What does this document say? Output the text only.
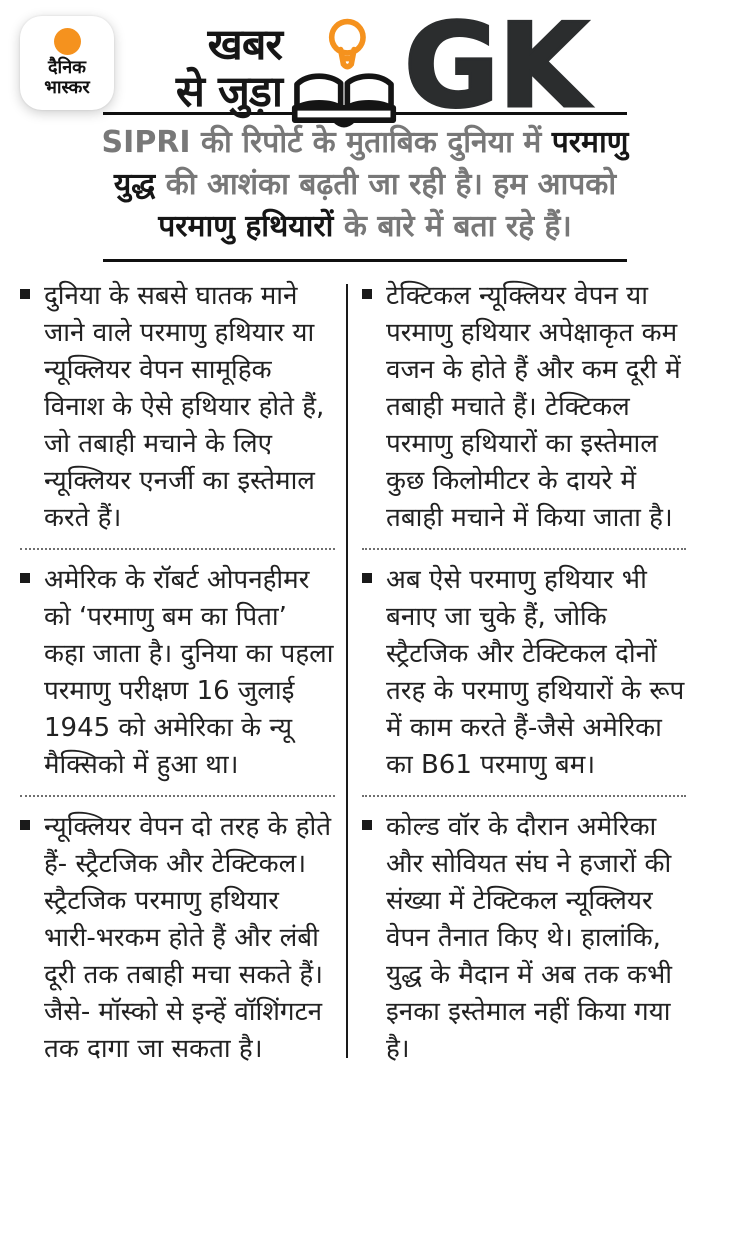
दैनिक
भास्कर
खबर
से जुड़ा GK
SIPRI की रिपोर्ट के मुताबिक दुनिया में परमाणु युद्ध की आशंका बढ़ती जा रही है। हम आपको परमाणु हथियारों के बारे में बता रहे हैं।
दुनिया के सबसे घातक माने जाने वाले परमाणु हथियार या न्यूक्लियर वेपन सामूहिक विनाश के ऐसे हथियार होते हैं, जो तबाही मचाने के लिए न्यूक्लियर एनर्जी का इस्तेमाल करते हैं।
अमेरिक के रॉबर्ट ओपनहीमर को ‘परमाणु बम का पिता’ कहा जाता है। दुनिया का पहला परमाणु परीक्षण 16 जुलाई 1945 को अमेरिका के न्यू मैक्सिको में हुआ था।
न्यूक्लियर वेपन दो तरह के होते हैं- स्ट्रैटजिक और टेक्टिकल। स्ट्रैटजिक परमाणु हथियार भारी-भरकम होते हैं और लंबी दूरी तक तबाही मचा सकते हैं। जैसे- मॉस्को से इन्हें वॉशिंगटन तक दागा जा सकता है।
टेक्टिकल न्यूक्लियर वेपन या परमाणु हथियार अपेक्षाकृत कम वजन के होते हैं और कम दूरी में तबाही मचाते हैं। टेक्टिकल परमाणु हथियारों का इस्तेमाल कुछ किलोमीटर के दायरे में तबाही मचाने में किया जाता है।
अब ऐसे परमाणु हथियार भी बनाए जा चुके हैं, जोकि स्ट्रैटजिक और टेक्टिकल दोनों तरह के परमाणु हथियारों के रूप में काम करते हैं-जैसे अमेरिका का B61 परमाणु बम।
कोल्ड वॉर के दौरान अमेरिका और सोवियत संघ ने हजारों की संख्या में टेक्टिकल न्यूक्लियर वेपन तैनात किए थे। हालांकि, युद्ध के मैदान में अब तक कभी इनका इस्तेमाल नहीं किया गया है।
